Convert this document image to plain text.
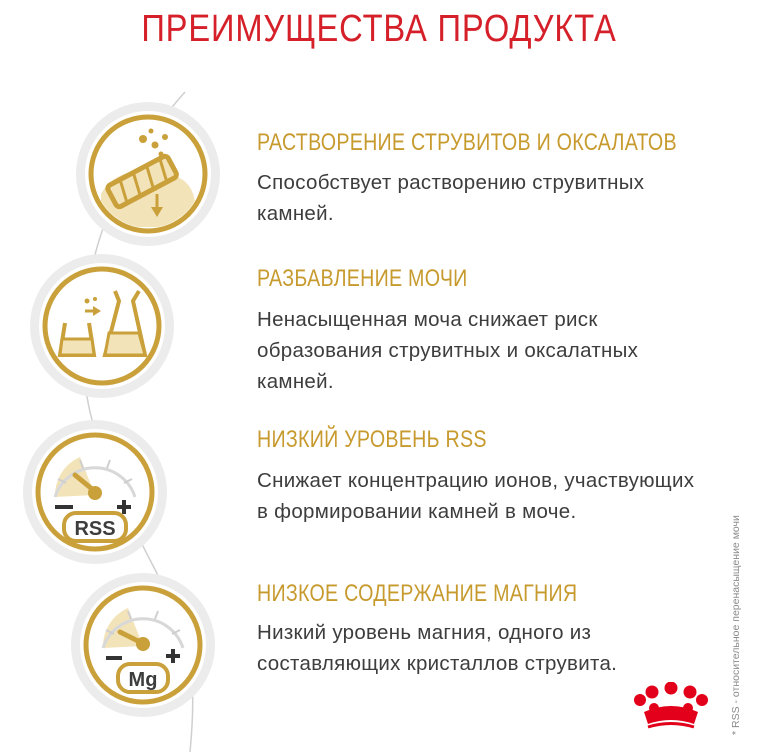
ПРЕИМУЩЕСТВА ПРОДУКТА
РАСТВОРЕНИЕ СТРУВИТОВ И ОКСАЛАТОВ

Способствует растворению струвитных камней.

РАЗБАВЛЕНИЕ МОЧИ

Ненасыщенная моча снижает риск образования струвитных и оксалатных камней.

RSS
НИЗКИЙ УРОВЕНЬ RSS

Снижает концентрацию ионов, участвующих в формировании камней в моче.

Mg
НИЗКОЕ СОДЕРЖАНИЕ МАГНИЯ

Низкий уровень магния, одного из составляющих кристаллов струвита.	* RSS - относительное перенасыщение мочи
